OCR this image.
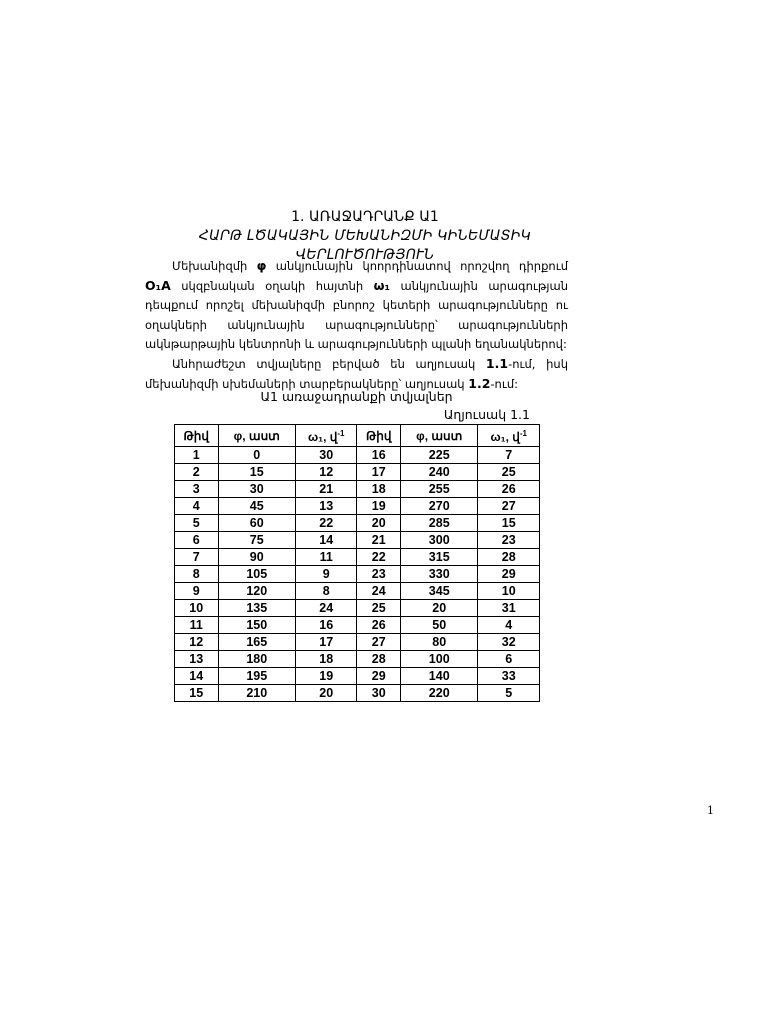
1. ԱՌԱՋԱԴՐԱՆՔ Ա1
ՀԱՐԹ ԼԾԱԿԱՅԻՆ ՄԵԽԱՆԻԶՄԻ ԿԻՆԵՄԱՏԻԿ ՎԵՐԼՈՒԾՈՒԹՅՈՒՆ

Մեխանիզմի φ անկյունային կոորդինատով որոշվող դիրքում O₁A սկզբնական օղակի հայտնի ω₁ անկյունային արագության դեպքում որոշել մեխանիզմի բնորոշ կետերի արագությունները ու օղակների անկյունային արագությունները՝ արագությունների ակնթարթային կենտրոնի և արագությունների պլանի եղանակներով:

Անհրաժեշտ տվյալները բերված են աղյուսակ 1.1-ում, իսկ մեխանիզմի սխեմաների տարբերակները՝ աղյուսակ 1.2-ում:

Ա1 առաջադրանքի տվյալներ
Աղյուսակ 1.1
Թիվ	φ, աստ	ω₁, վ$^{-1}$	Թիվ	φ, աստ	ω₁, վ$^{-1}$
1	0	30	16	225	7
2	15	12	17	240	25
3	30	21	18	255	26
4	45	13	19	270	27
5	60	22	20	285	15
6	75	14	21	300	23
7	90	11	22	315	28
8	105	9	23	330	29
9	120	8	24	345	10
10	135	24	25	20	31
11	150	16	26	50	4
12	165	17	27	80	32
13	180	18	28	100	6
14	195	19	29	140	33
15	210	20	30	220	5
1
